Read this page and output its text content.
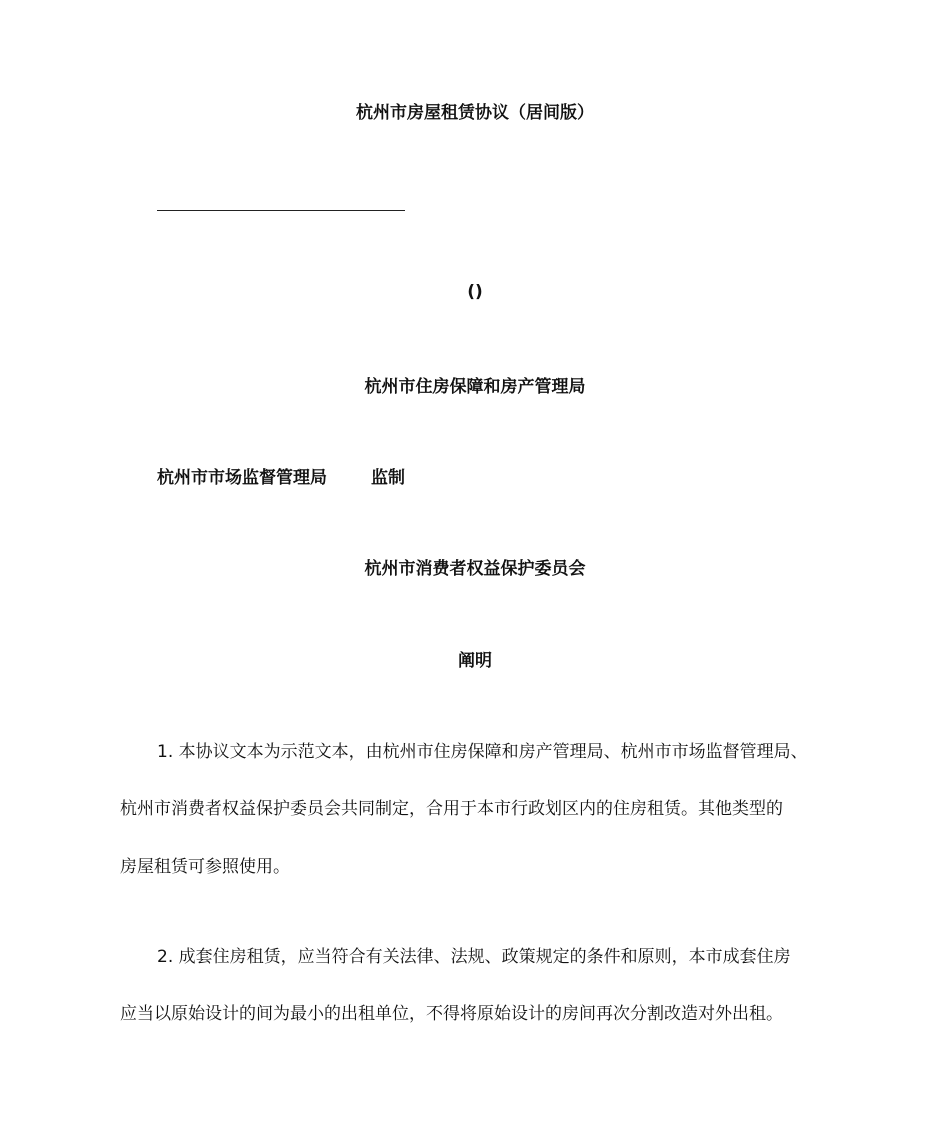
杭州市房屋租赁协议（居间版）
()
杭州市住房保障和房产管理局
杭州市市场监督管理局	监制
杭州市消费者权益保护委员会
阐明
1. 本协议文本为示范文本，由杭州市住房保障和房产管理局、杭州市市场监督管理局、
杭州市消费者权益保护委员会共同制定，合用于本市行政划区内的住房租赁。其他类型的
房屋租赁可参照使用。
2. 成套住房租赁，应当符合有关法律、法规、政策规定的条件和原则，本市成套住房
应当以原始设计的间为最小的出租单位，不得将原始设计的房间再次分割改造对外出租。
